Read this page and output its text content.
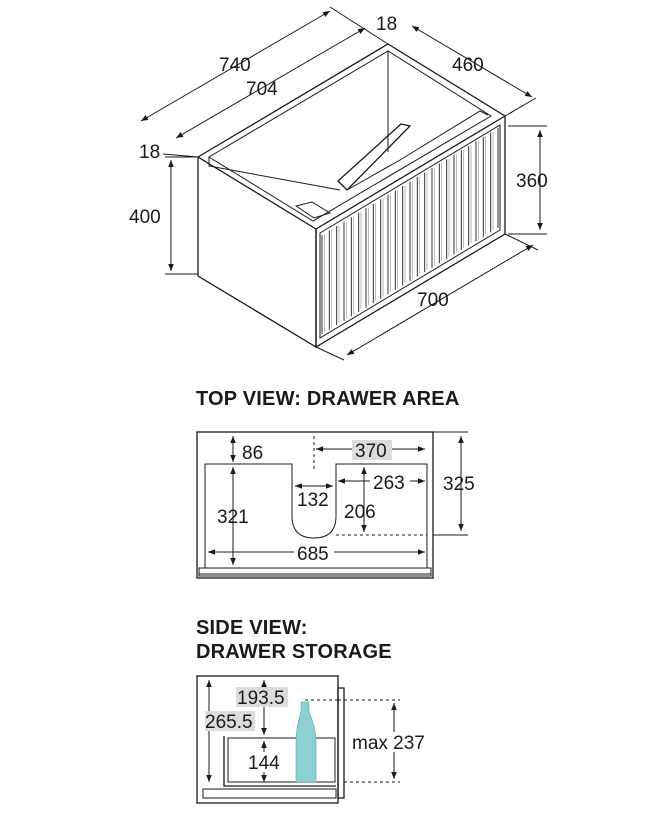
740
704
18
460
18
400
360
700
TOP VIEW: DRAWER AREA
86	370
263 325
321
132
206
685
SIDE VIEW:
DRAWER STORAGE
193.5
265.5
144
max 237
